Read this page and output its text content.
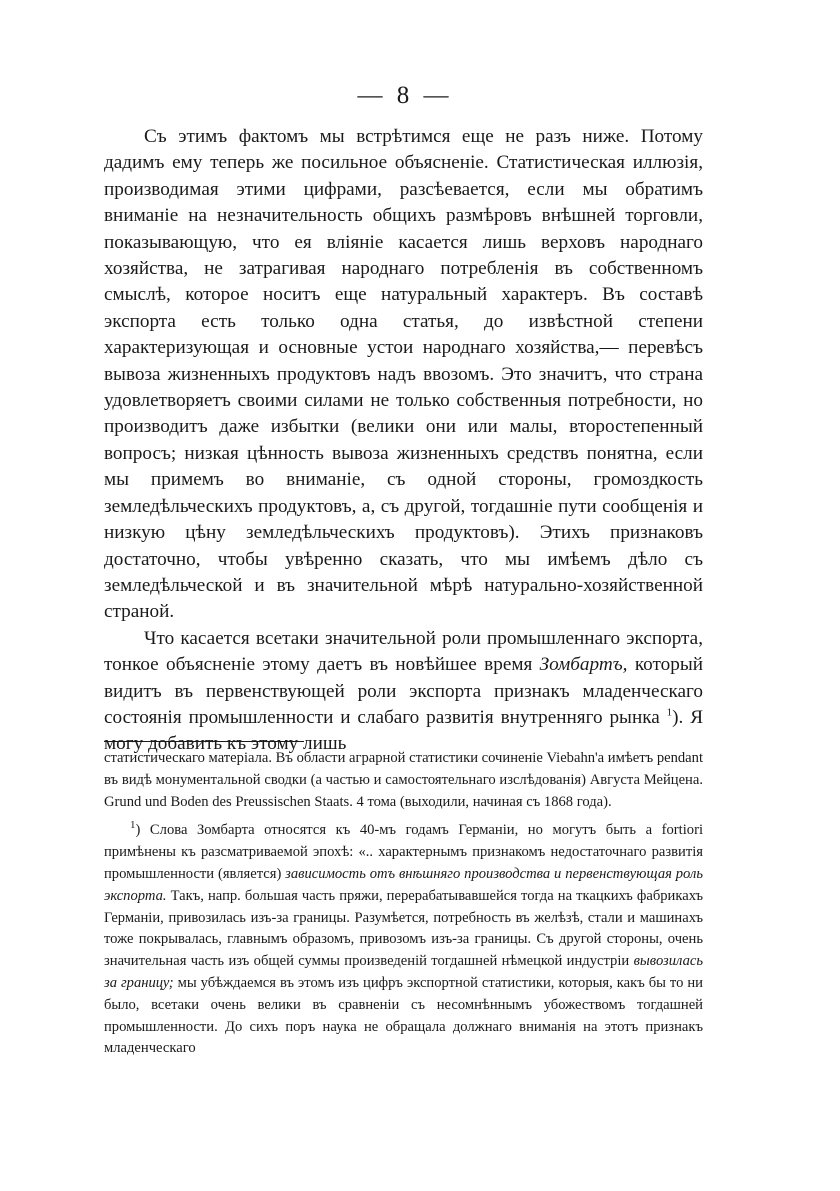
— 8 —

Съ этимъ фактомъ мы встрѣтимся еще не разъ ниже. Потому дадимъ ему теперь же посильное объясненіе. Статистическая иллюзія, производимая этими цифрами, разсѣевается, если мы обратимъ вниманіе на незначительность общихъ размѣровъ внѣшней торговли, показывающую, что ея вліяніе касается лишь верховъ народнаго хозяйства, не затрагивая народнаго потребленія въ собственномъ смыслѣ, которое носитъ еще натуральный характеръ. Въ составѣ экспорта есть только одна статья, до извѣстной степени характеризующая и основные устои народнаго хозяйства,— перевѣсъ вывоза жизненныхъ продуктовъ надъ ввозомъ. Это значитъ, что страна удовлетворяетъ своими силами не только собственныя потребности, но производитъ даже избытки (велики они или малы, второстепенный вопросъ; низкая цѣнность вывоза жизненныхъ средствъ понятна, если мы примемъ во вниманіе, съ одной стороны, громоздкость земледѣльческихъ продуктовъ, а, съ другой, тогдашніе пути сообщенія и низкую цѣну земледѣльческихъ продуктовъ). Этихъ признаковъ достаточно, чтобы увѣренно сказать, что мы имѣемъ дѣло съ земледѣльческой и въ значительной мѣрѣ натурально-хозяйственной страной.

Что касается всетаки значительной роли промышленнаго экспорта, тонкое объясненіе этому даетъ въ новѣйшее время Зомбартъ, который видитъ въ первенствующей роли экспорта признакъ младенческаго состоянія промышленности и слабаго развитія внутренняго рынка $^1$). Я могу добавить къ этому лишь

статистическаго матеріала. Въ области аграрной статистики сочиненіе Viebahn'a имѣетъ pendant въ видѣ монументальной сводки (а частью и самостоятельнаго изслѣдованія) Августа Мейцена. Grund und Boden des Preussischen Staats. 4 тома (выходили, начиная съ 1868 года).

$^1$) Слова Зомбарта относятся къ 40-мъ годамъ Германіи, но могутъ быть a fortiori примѣнены къ разсматриваемой эпохѣ: «.. характернымъ признакомъ недостаточнаго развитія промышленности (является) зависимость отъ внѣшняго производства и первенствующая роль экспорта. Такъ, напр. большая часть пряжи, перерабатывавшейся тогда на ткацкихъ фабрикахъ Германіи, привозилась изъ-за границы. Разумѣется, потребность въ желѣзѣ, стали и машинахъ тоже покрывалась, главнымъ образомъ, привозомъ изъ-за границы. Съ другой стороны, очень значительная часть изъ общей суммы произведеній тогдашней нѣмецкой индустріи вывозилась за границу; мы убѣждаемся въ этомъ изъ цифръ экспортной статистики, которыя, какъ бы то ни было, всетаки очень велики въ сравненіи съ несомнѣннымъ убожествомъ тогдашней промышленности. До сихъ поръ наука не обращала должнаго вниманія на этотъ признакъ младенческаго
